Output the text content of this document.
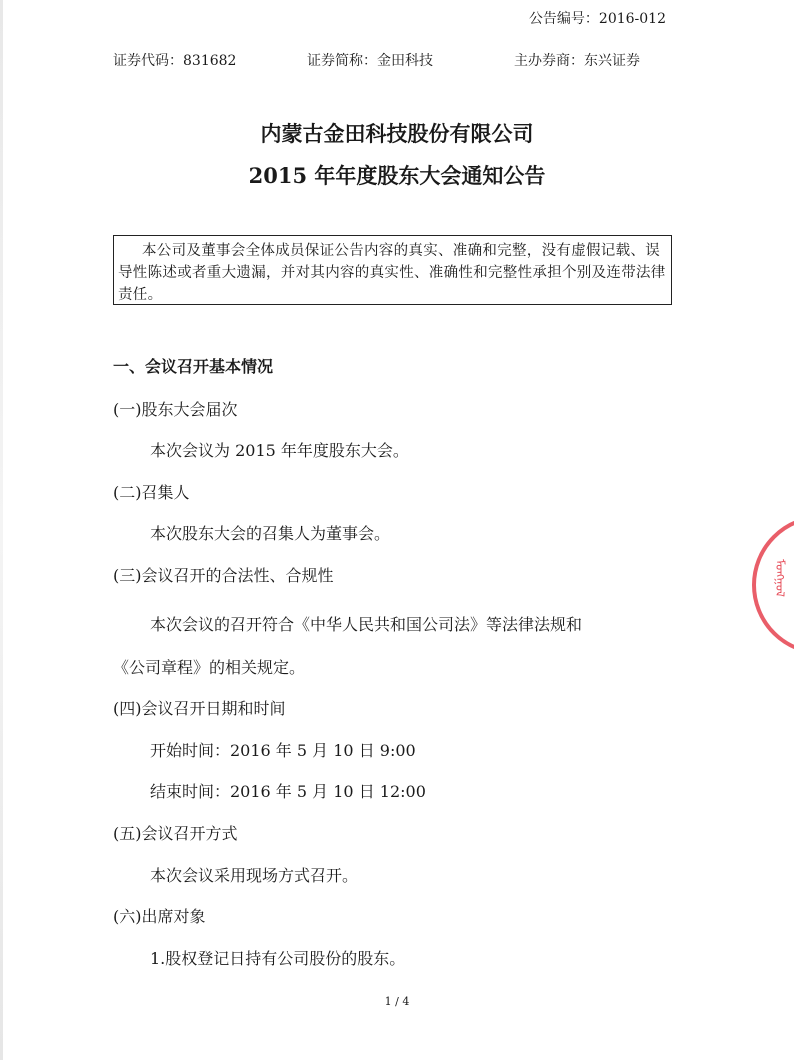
公告编号：2016-012
证券代码：831682	证券简称：金田科技	主办券商：东兴证券
内蒙古金田科技股份有限公司
2015 年年度股东大会通知公告
本公司及董事会全体成员保证公告内容的真实、准确和完整，没有虚假记载、误导性陈述或者重大遗漏，并对其内容的真实性、准确性和完整性承担个别及连带法律责任。
一、会议召开基本情况
(一)股东大会届次
本次会议为 2015 年年度股东大会。
(二)召集人
本次股东大会的召集人为董事会。
(三)会议召开的合法性、合规性
本次会议的召开符合《中华人民共和国公司法》等法律法规和
《公司章程》的相关规定。
(四)会议召开日期和时间
开始时间：2016 年 5 月 10 日 9:00
结束时间：2016 年 5 月 10 日 12:00
(五)会议召开方式
本次会议采用现场方式召开。
(六)出席对象
1.股权登记日持有公司股份的股东。
1 / 4
ᠮᠣᠩᠭᠣᠯ
